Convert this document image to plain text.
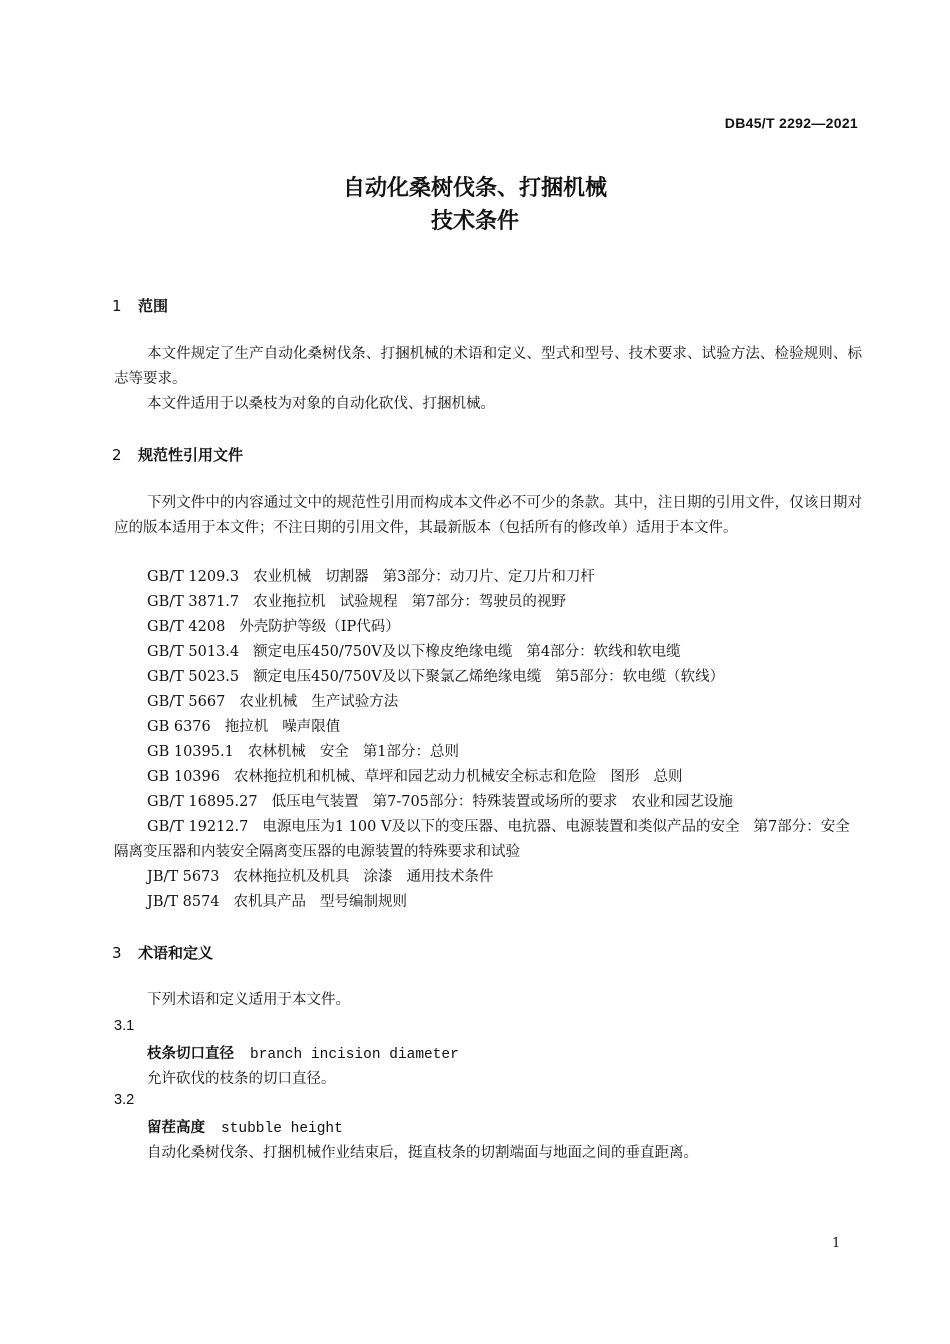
DB45/T 2292—2021
自动化桑树伐条、打捆机械
技术条件
1 范围
本文件规定了生产自动化桑树伐条、打捆机械的术语和定义、型式和型号、技术要求、试验方法、检验规则、标志等要求。
本文件适用于以桑枝为对象的自动化砍伐、打捆机械。
2 规范性引用文件
下列文件中的内容通过文中的规范性引用而构成本文件必不可少的条款。其中，注日期的引用文件，仅该日期对应的版本适用于本文件；不注日期的引用文件，其最新版本（包括所有的修改单）适用于本文件。
GB/T 1209.3 农业机械 切割器 第3部分：动刀片、定刀片和刀杆
GB/T 3871.7 农业拖拉机 试验规程 第7部分：驾驶员的视野
GB/T 4208 外壳防护等级（IP代码）
GB/T 5013.4 额定电压450/750V及以下橡皮绝缘电缆 第4部分：软线和软电缆
GB/T 5023.5 额定电压450/750V及以下聚氯乙烯绝缘电缆 第5部分：软电缆（软线）
GB/T 5667 农业机械 生产试验方法
GB 6376 拖拉机 噪声限值
GB 10395.1 农林机械 安全 第1部分：总则
GB 10396 农林拖拉机和机械、草坪和园艺动力机械安全标志和危险 图形 总则
GB/T 16895.27 低压电气装置 第7-705部分：特殊装置或场所的要求 农业和园艺设施
GB/T 19212.7 电源电压为1 100 V及以下的变压器、电抗器、电源装置和类似产品的安全 第7部分：安全隔离变压器和内装安全隔离变压器的电源装置的特殊要求和试验
JB/T 5673 农林拖拉机及机具 涂漆 通用技术条件
JB/T 8574 农机具产品 型号编制规则
3 术语和定义
下列术语和定义适用于本文件。
3.1
枝条切口直径 branch incision diameter
允许砍伐的枝条的切口直径。
3.2
留茬高度 stubble height
自动化桑树伐条、打捆机械作业结束后，挺直枝条的切割端面与地面之间的垂直距离。
1
